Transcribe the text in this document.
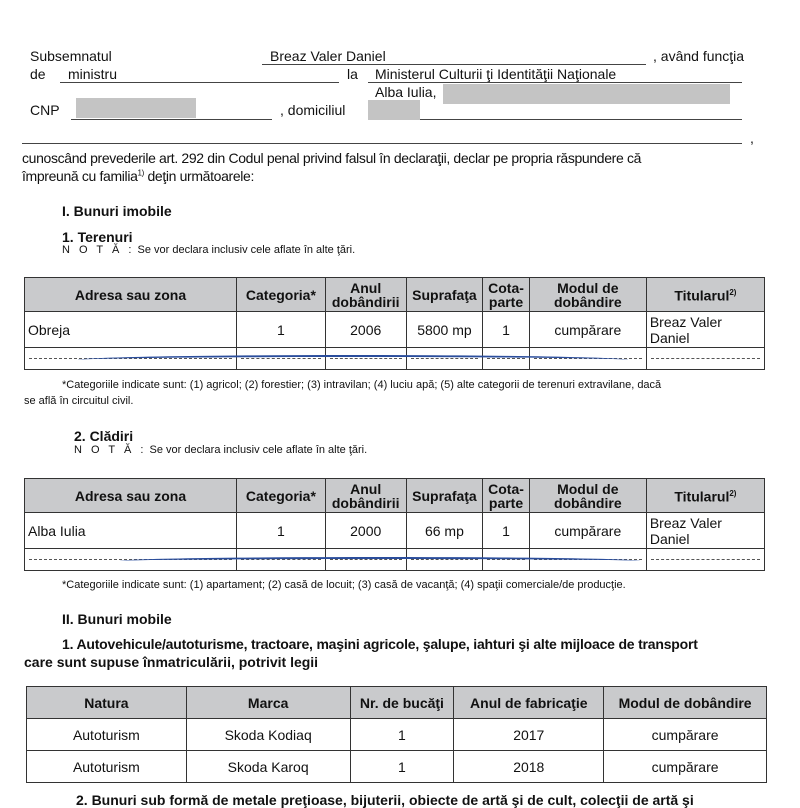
Subsemnatul	Breaz Valer Daniel	, având funcţia
de ministru	la Ministerul Culturii ţi Identităţii Naţionale
Alba Iulia,
CNP	, domiciliul
,
cunoscând prevederile art. 292 din Codul penal privind falsul în declaraţii, declar pe propria răspundere că
împreună cu familia$^{1)}$ deţin următoarele:
I. Bunuri imobile
1. Terenuri
N O T Ă : Se vor declara inclusiv cele aflate în alte ţări.
Adresa sau zona	Categoria*	Anul dobândirii	Suprafaţa	Cota-parte	Modul de dobândire	Titularul$^{2)}$
Obreja	1	2006	5800 mp	1	cumpărare	Breaz Valer Daniel

*Categoriile indicate sunt: (1) agricol; (2) forestier; (3) intravilan; (4) luciu apă; (5) alte categorii de terenuri extravilane, dacă
se află în circuitul civil.
2. Clădiri
N O T Ă : Se vor declara inclusiv cele aflate în alte ţări.
Adresa sau zona	Categoria*	Anul dobândirii	Suprafaţa	Cota-parte	Modul de dobândire	Titularul$^{2)}$
Alba Iulia	1	2000	66 mp	1	cumpărare	Breaz Valer Daniel

*Categoriile indicate sunt: (1) apartament; (2) casă de locuit; (3) casă de vacanţă; (4) spaţii comerciale/de producţie.
II. Bunuri mobile
1. Autovehicule/autoturisme, tractoare, maşini agricole, şalupe, iahturi şi alte mijloace de transport
care sunt supuse înmatriculării, potrivit legii
Natura	Marca	Nr. de bucăţi	Anul de fabricaţie	Modul de dobândire
Autoturism	Skoda Kodiaq	1	2017	cumpărare
Autoturism	Skoda Karoq	1	2018	cumpărare
2. Bunuri sub formă de metale preţioase, bijuterii, obiecte de artă şi de cult, colecţii de artă şi
